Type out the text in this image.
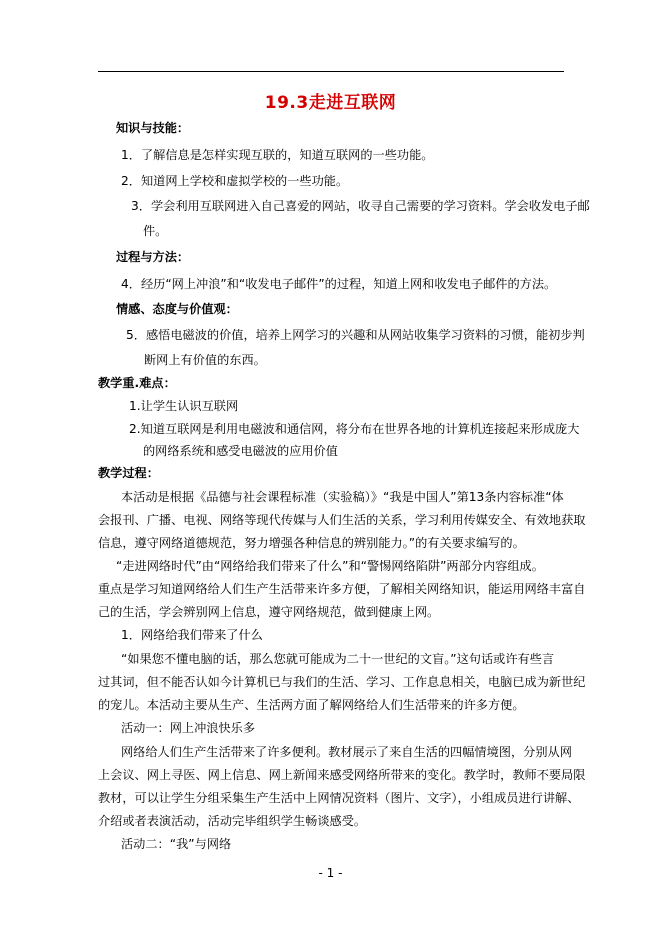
19.3走进互联网
知识与技能：
1．了解信息是怎样实现互联的，知道互联网的一些功能。
2．知道网上学校和虚拟学校的一些功能。
3．学会利用互联网进入自己喜爱的网站，收寻自己需要的学习资料。学会收发电子邮
件。
过程与方法：
4．经历“网上冲浪”和“收发电子邮件”的过程，知道上网和收发电子邮件的方法。
情感、态度与价值观：
5．感悟电磁波的价值，培养上网学习的兴趣和从网站收集学习资料的习惯，能初步判
断网上有价值的东西。
教学重.难点：
1.让学生认识互联网
2.知道互联网是利用电磁波和通信网，将分布在世界各地的计算机连接起来形成庞大
的网络系统和感受电磁波的应用价值
教学过程：
本活动是根据《品德与社会课程标准（实验稿）》“我是中国人”第13条内容标准“体
会报刊、广播、电视、网络等现代传媒与人们生活的关系，学习利用传媒安全、有效地获取
信息，遵守网络道德规范，努力增强各种信息的辨别能力。”的有关要求编写的。
“走进网络时代”由“网络给我们带来了什么”和“警惕网络陷阱”两部分内容组成。
重点是学习知道网络给人们生产生活带来许多方便，了解相关网络知识，能运用网络丰富自
己的生活，学会辨别网上信息，遵守网络规范，做到健康上网。
1．网络给我们带来了什么
“如果您不懂电脑的话，那么您就可能成为二十一世纪的文盲。”这句话或许有些言
过其词，但不能否认如今计算机已与我们的生活、学习、工作息息相关，电脑已成为新世纪
的宠儿。本活动主要从生产、生活两方面了解网络给人们生活带来的许多方便。
活动一：网上冲浪快乐多
网络给人们生产生活带来了许多便利。教材展示了来自生活的四幅情境图，分别从网
上会议、网上寻医、网上信息、网上新闻来感受网络所带来的变化。教学时，教师不要局限
教材，可以让学生分组采集生产生活中上网情况资料（图片、文字），小组成员进行讲解、
介绍或者表演活动，活动完毕组织学生畅谈感受。
活动二：“我”与网络
- 1 -
